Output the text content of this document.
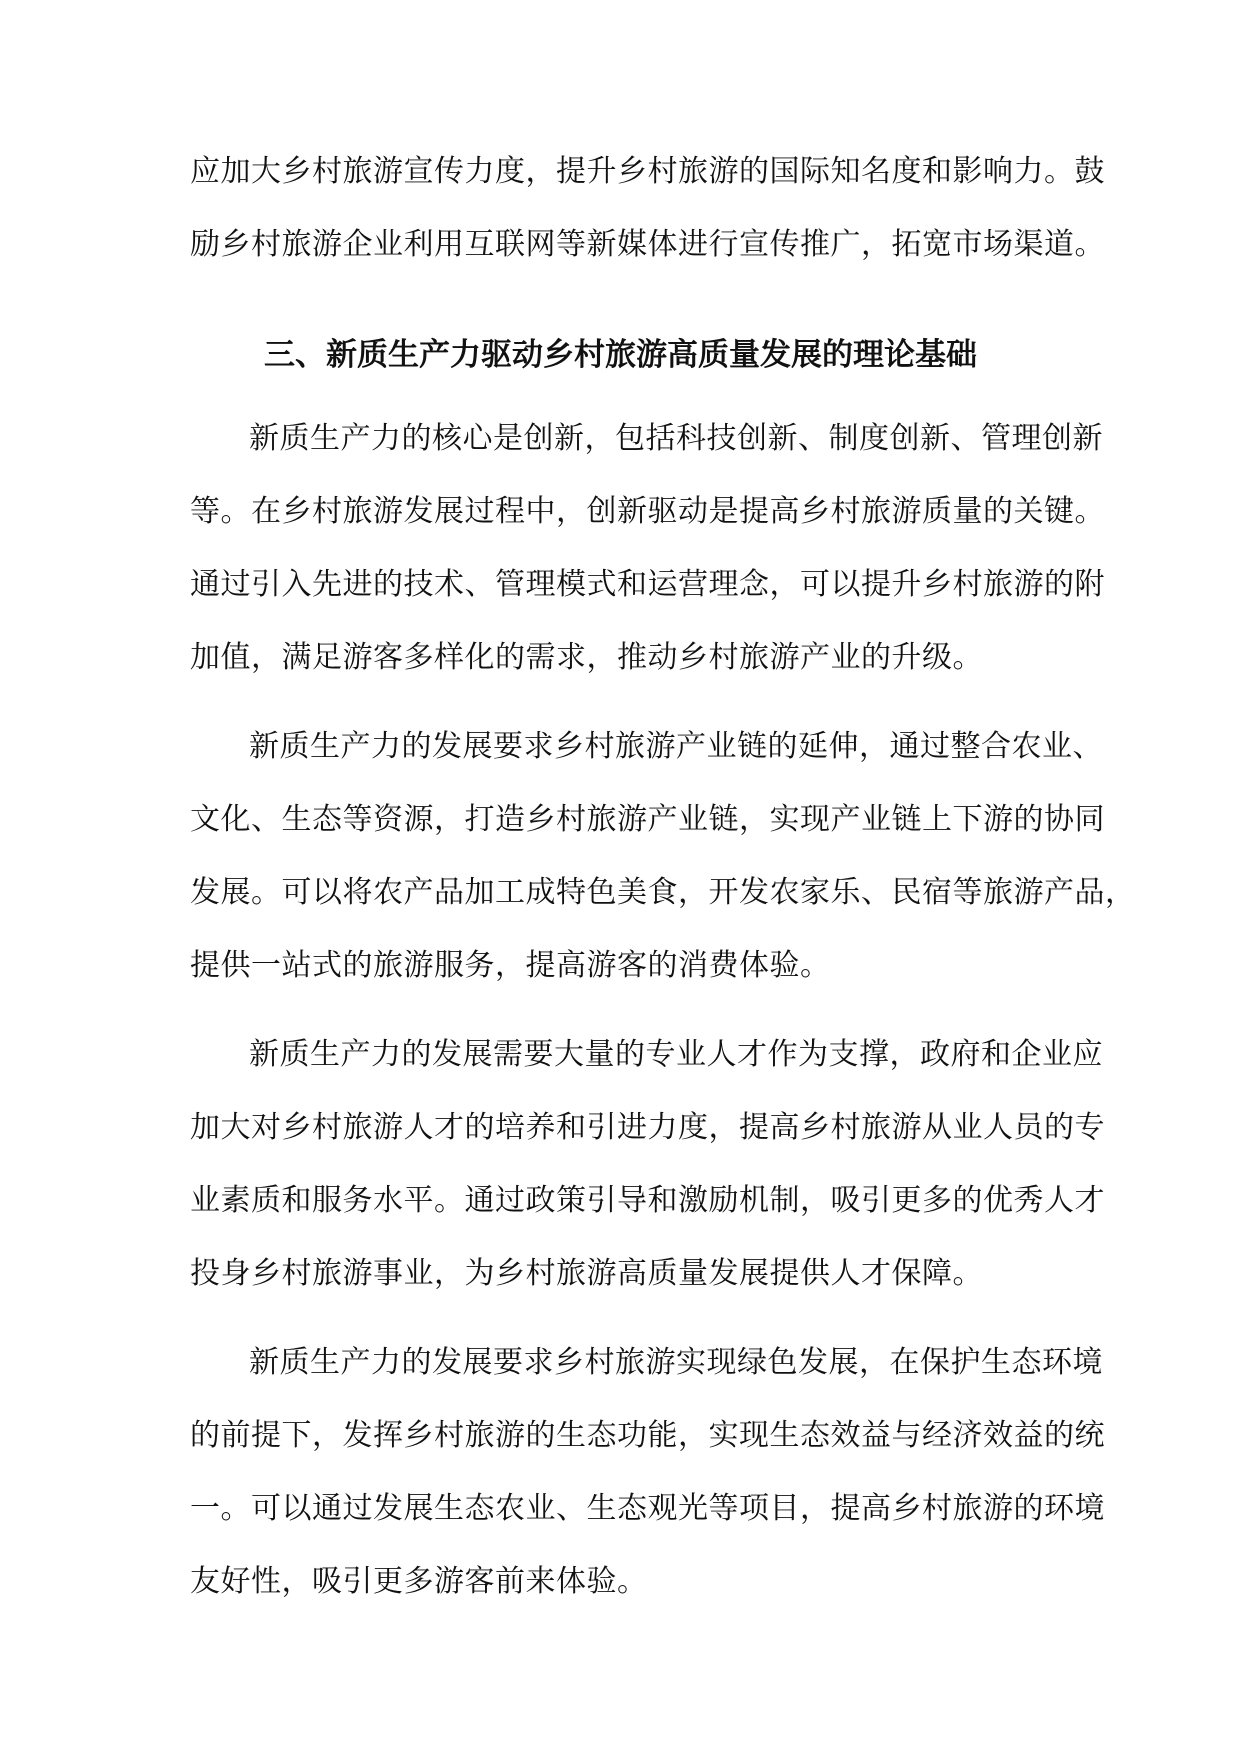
应加大乡村旅游宣传力度，提升乡村旅游的国际知名度和影响力。鼓
励乡村旅游企业利用互联网等新媒体进行宣传推广，拓宽市场渠道。
三、新质生产力驱动乡村旅游高质量发展的理论基础
新质生产力的核心是创新，包括科技创新、制度创新、管理创新
等。在乡村旅游发展过程中，创新驱动是提高乡村旅游质量的关键。
通过引入先进的技术、管理模式和运营理念，可以提升乡村旅游的附
加值，满足游客多样化的需求，推动乡村旅游产业的升级。
新质生产力的发展要求乡村旅游产业链的延伸，通过整合农业、
文化、生态等资源，打造乡村旅游产业链，实现产业链上下游的协同
发展。可以将农产品加工成特色美食，开发农家乐、民宿等旅游产品，
提供一站式的旅游服务，提高游客的消费体验。
新质生产力的发展需要大量的专业人才作为支撑，政府和企业应
加大对乡村旅游人才的培养和引进力度，提高乡村旅游从业人员的专
业素质和服务水平。通过政策引导和激励机制，吸引更多的优秀人才
投身乡村旅游事业，为乡村旅游高质量发展提供人才保障。
新质生产力的发展要求乡村旅游实现绿色发展，在保护生态环境
的前提下，发挥乡村旅游的生态功能，实现生态效益与经济效益的统
一。可以通过发展生态农业、生态观光等项目，提高乡村旅游的环境
友好性，吸引更多游客前来体验。
